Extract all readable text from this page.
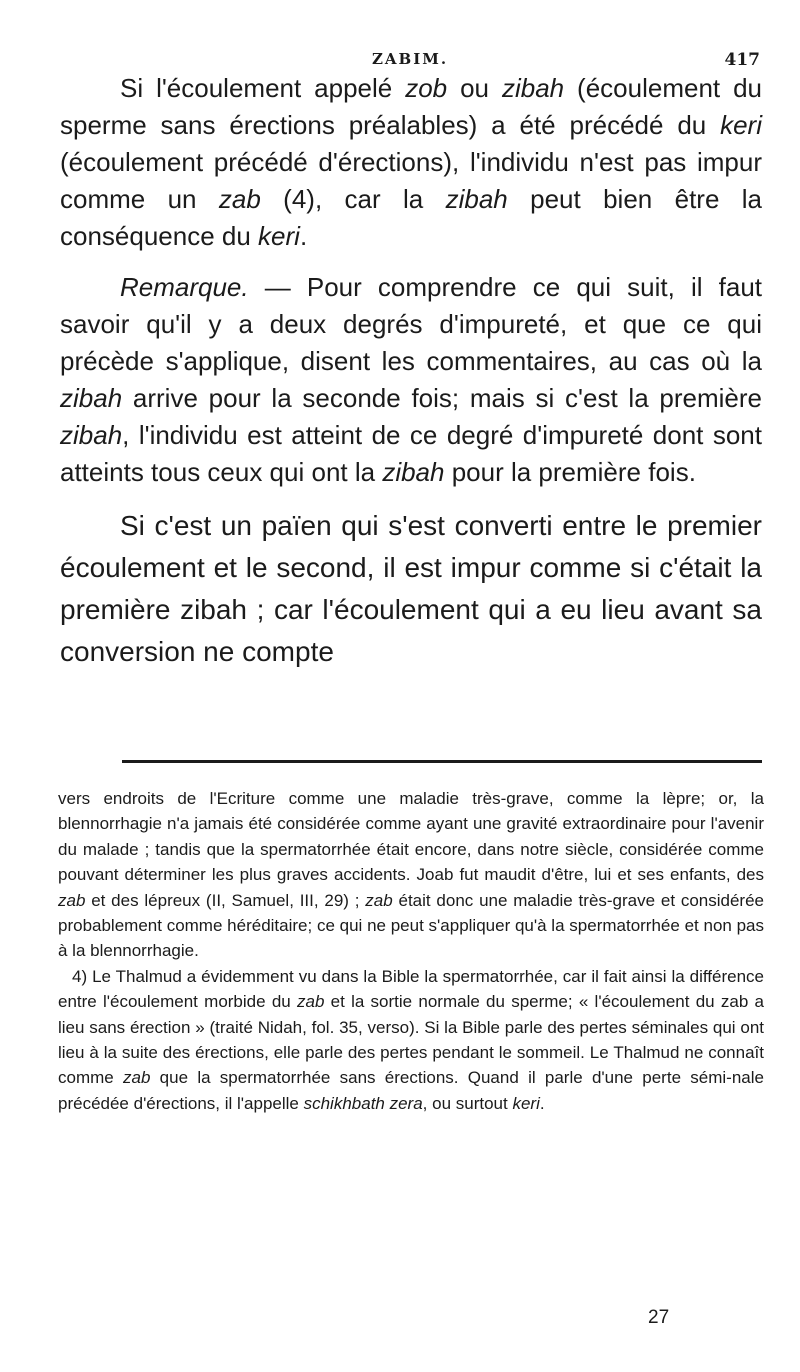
ZABIM.	417

Si l'écoulement appelé zob ou zibah (écoulement du sperme sans érections préalables) a été précédé du keri (écoulement précédé d'érections), l'individu n'est pas impur comme un zab (4), car la zibah peut bien être la conséquence du keri.

Remarque. — Pour comprendre ce qui suit, il faut savoir qu'il y a deux degrés d'impureté, et que ce qui précède s'applique, disent les commentaires, au cas où la zibah arrive pour la seconde fois; mais si c'est la première zibah, l'individu est atteint de ce degré d'impureté dont sont atteints tous ceux qui ont la zibah pour la première fois.

Si c'est un païen qui s'est converti entre le premier écoulement et le second, il est impur comme si c'était la première zibah ; car l'écoulement qui a eu lieu avant sa conversion ne compte

vers endroits de l'Ecriture comme une maladie très-grave, comme la lèpre; or, la blennorrhagie n'a jamais été considérée comme ayant une gravité extraordinaire pour l'avenir du malade ; tandis que la spermatorrhée était encore, dans notre siècle, considérée comme pouvant déterminer les plus graves accidents. Joab fut maudit d'être, lui et ses enfants, des zab et des lépreux (II, Samuel, III, 29) ; zab était donc une maladie très-grave et considérée probablement comme héréditaire; ce qui ne peut s'appliquer qu'à la spermatorrhée et non pas à la blennorrhagie.

4) Le Thalmud a évidemment vu dans la Bible la spermatorrhée, car il fait ainsi la différence entre l'écoulement morbide du zab et la sortie normale du sperme; « l'écoulement du zab a lieu sans érection » (traité Nidah, fol. 35, verso). Si la Bible parle des pertes séminales qui ont lieu à la suite des érections, elle parle des pertes pendant le sommeil. Le Thalmud ne connaît comme zab que la spermatorrhée sans érections. Quand il parle d'une perte sémi-nale précédée d'érections, il l'appelle schikhbath zera, ou surtout keri.

27
